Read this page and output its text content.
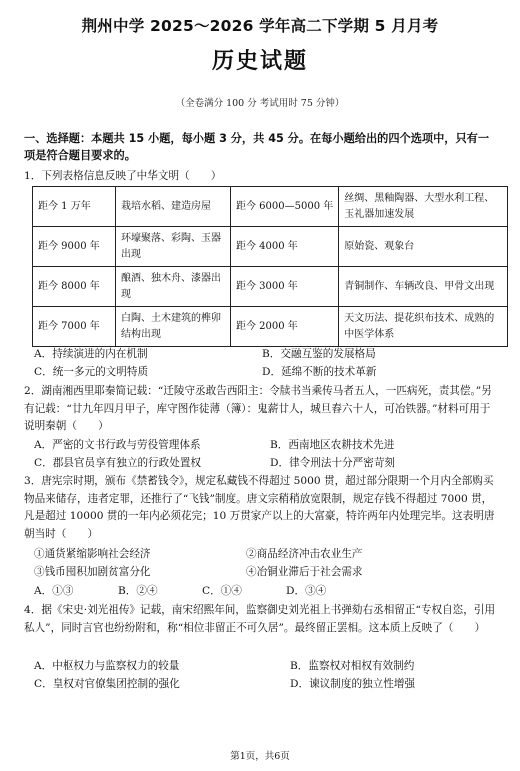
荆州中学 2025～2026 学年高二下学期 5 月月考
历史试题
（全卷满分 100 分 考试用时 75 分钟）
一、选择题：本题共 15 小题，每小题 3 分，共 45 分。在每小题给出的四个选项中，只有一项是符合题目要求的。
1．下列表格信息反映了中华文明（　　）
距今 1 万年	栽培水稻、建造房屋	距今 6000—5000 年	丝绸、黑釉陶器、大型水利工程、玉礼器加速发展
距今 9000 年	环壕聚落、彩陶、玉器出现	距今 4000 年	原始瓷、观象台
距今 8000 年	酿酒、独木舟、漆器出现	距今 3000 年	青铜制作、车辆改良、甲骨文出现
距今 7000 年	白陶、土木建筑的榫卯结构出现	距今 2000 年	天文历法、提花织布技术、成熟的中医学体系
A．持续演进的内在机制	B．交融互鉴的发展格局
C．统一多元的文明特质	D．延绵不断的技术革新
2．湖南湘西里耶秦简记载：“迁陵守丞敢告西阳主：令牍书当乘传马者五人，一匹病死，责其偿。”另有记载：“廿九年四月甲子，库守图作徒薄（簿）：鬼薪廿人，城旦舂六十人，可冶铁器。”材料可用于说明秦朝（　　）
A．严密的文书行政与劳役管理体系	B．西南地区农耕技术先进
C．郡县官员享有独立的行政处置权	D．律令刑法十分严密苛刻
3．唐宪宗时期，颁布《禁蓄钱令》，规定私藏钱不得超过 5000 贯，超过部分限期一个月内全部购买物品来储存，违者定罪，还推行了“飞钱”制度。唐文宗稍稍放宽限制，规定存钱不得超过 7000 贯，凡是超过 10000 贯的一年内必须花完；10 万贯家产以上的大富豪，特许两年内处理完毕。这表明唐朝当时（　　）
①通货紧缩影响社会经济	②商品经济冲击农业生产
③钱币囤积加剧贫富分化	④冶铜业滞后于社会需求
A．①③	B．②④	C．①④	D．③④
4．据《宋史·刘光祖传》记载，南宋绍熙年间，监察御史刘光祖上书弹劾右丞相留正“专权自恣，引用私人”，同时言官也纷纷附和，称“相位非留正不可久居”。最终留正罢相。这本质上反映了（　　）
A．中枢权力与监察权力的较量	B．监察权对相权有效制约
C．皇权对官僚集团控制的强化	D．谏议制度的独立性增强
第1页，共6页
